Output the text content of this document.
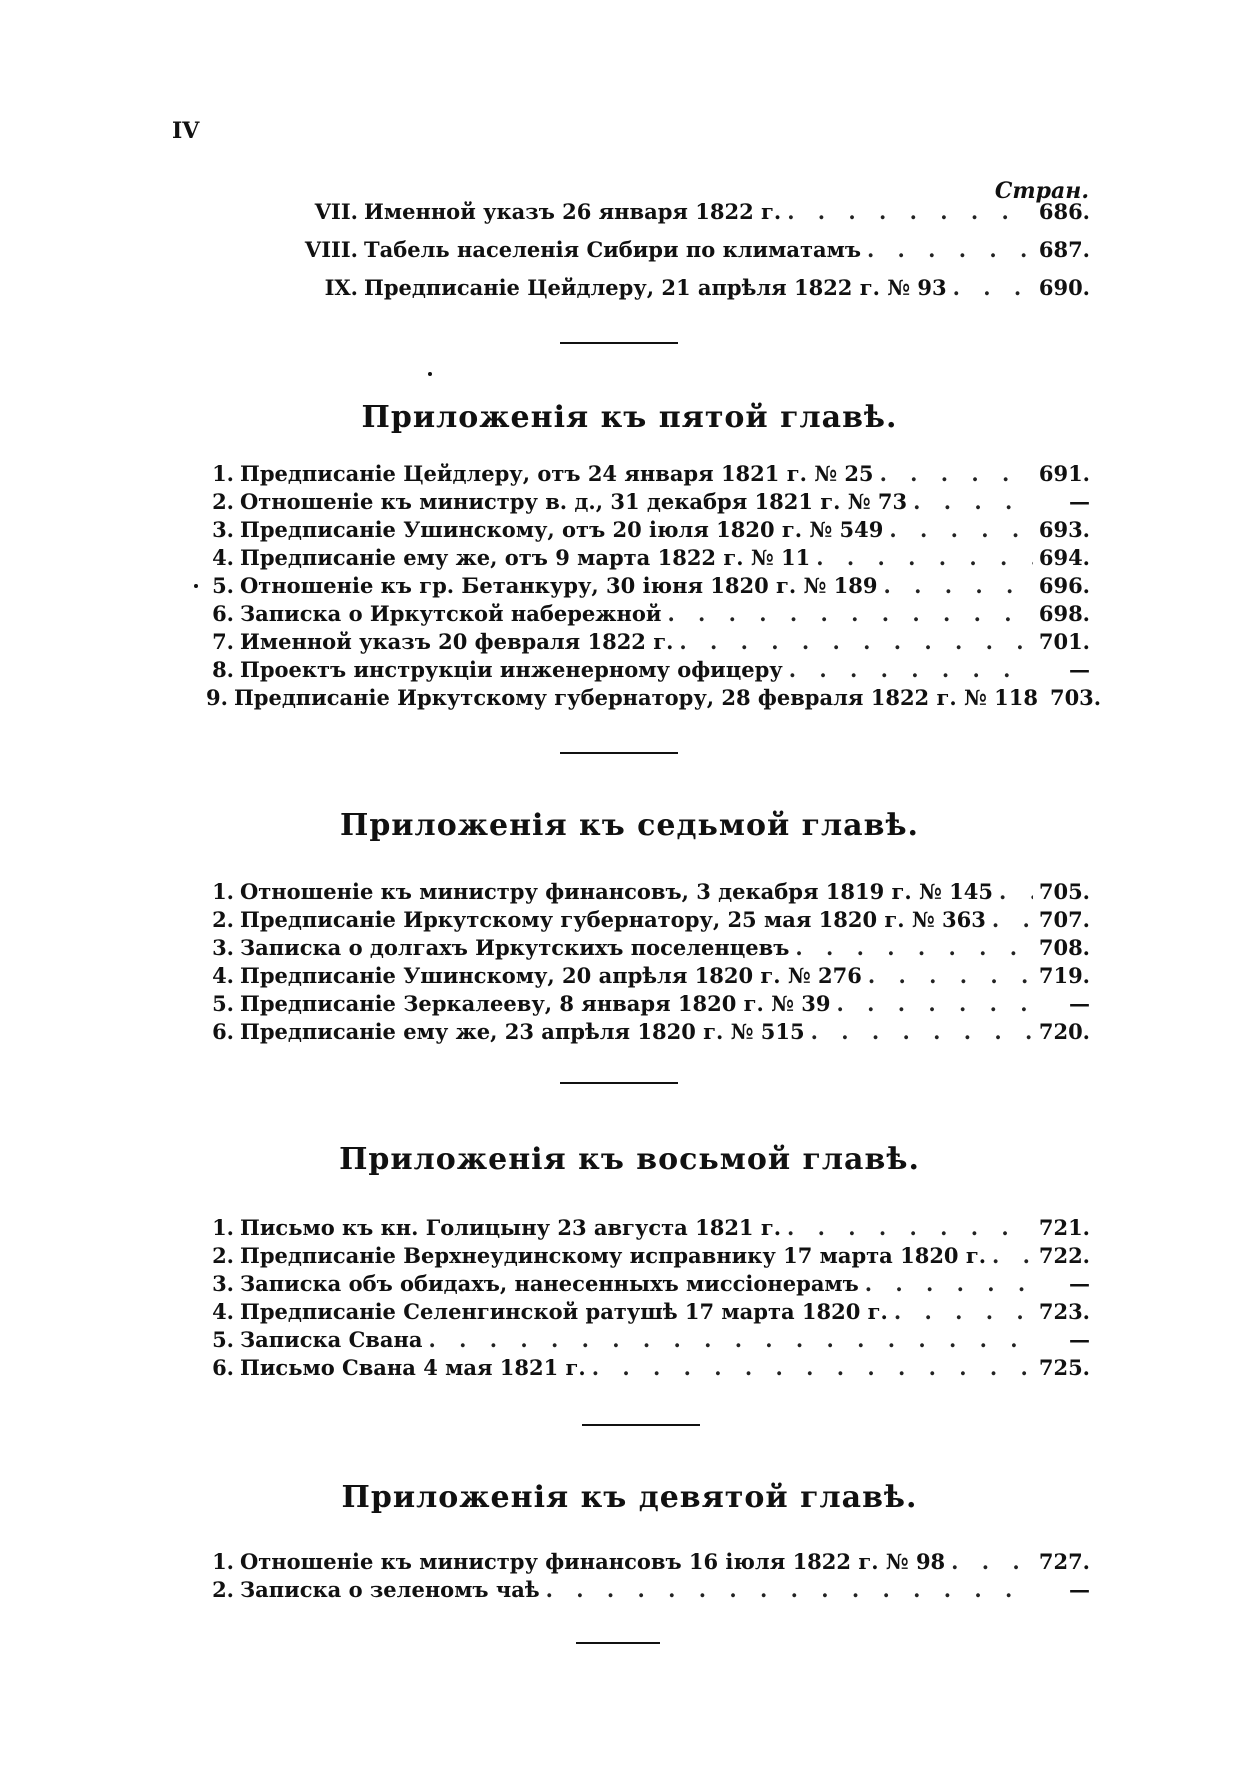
IV
Стран.
VII. Именной указъ 26 января 1822 г. . . .	686.
VIII. Табель населенія Сибири по климатамъ . . .	687.
IX. Предписаніе Цейдлеру, 21 апрѣля 1822 г. № 93 . . .	690.
Приложенія къ пятой главѣ.
1. Предписаніе Цейдлеру, отъ 24 января 1821 г. № 25 . . .	691.
2. Отношеніе къ министру в. д., 31 декабря 1821 г. № 73 . . .	—
3. Предписаніе Ушинскому, отъ 20 іюля 1820 г. № 549 . . .	693.
4. Предписаніе ему же, отъ 9 марта 1822 г. № 11 . . .	694.
5. Отношеніе къ гр. Бетанкуру, 30 іюня 1820 г. № 189 . . .	696.
6. Записка о Иркутской набережной . . .	698.
7. Именной указъ 20 февраля 1822 г. . . .	701.
8. Проектъ инструкціи инженерному офицеру . . .	—
9. Предписаніе Иркутскому губернатору, 28 февраля 1822 г. № 118 703.
Приложенія къ седьмой главѣ.
1. Отношеніе къ министру финансовъ, 3 декабря 1819 г. № 145 . . . 705.
2. Предписаніе Иркутскому губернатору, 25 мая 1820 г. № 363 . . .	707.
3. Записка о долгахъ Иркутскихъ поселенцевъ . . .	708.
4. Предписаніе Ушинскому, 20 апрѣля 1820 г. № 276 . . .	719.
5. Предписаніе Зеркалееву, 8 января 1820 г. № 39 . . .	—
6. Предписаніе ему же, 23 апрѣля 1820 г. № 515 . . .	720.
Приложенія къ восьмой главѣ.
1. Письмо къ кн. Голицыну 23 августа 1821 г. . . .	721.
2. Предписаніе Верхнеудинскому исправнику 17 марта 1820 г. . . .	722.
3. Записка объ обидахъ, нанесенныхъ миссіонерамъ . . .	—
4. Предписаніе Селенгинской ратушѣ 17 марта 1820 г. . . .	723.
5. Записка Свана . . .	—
6. Письмо Свана 4 мая 1821 г. . . .	725.
Приложенія къ девятой главѣ.
1. Отношеніе къ министру финансовъ 16 іюля 1822 г. № 98 . . .	727.
2. Записка о зеленомъ чаѣ . . .	—
